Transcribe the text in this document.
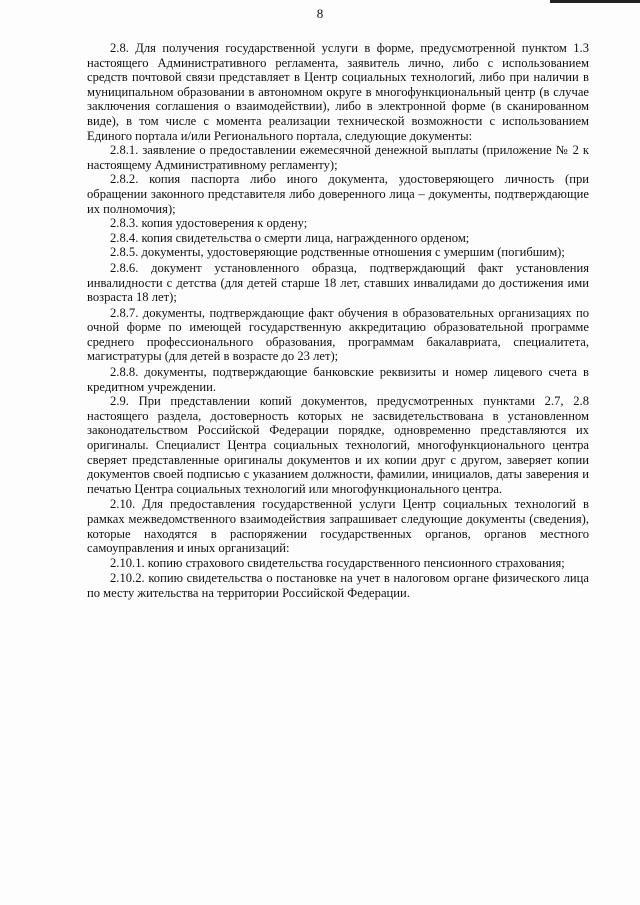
8

2.8. Для получения государственной услуги в форме, предусмотренной пунктом 1.3 настоящего Административного регламента, заявитель лично, либо с использованием средств почтовой связи представляет в Центр социальных технологий, либо при наличии в муниципальном образовании в автономном округе в многофункциональный центр (в случае заключения соглашения о взаимодействии), либо в электронной форме (в сканированном виде), в том числе с момента реализации технической возможности с использованием Единого портала и/или Регионального портала, следующие документы:

2.8.1. заявление о предоставлении ежемесячной денежной выплаты (приложение № 2 к настоящему Административному регламенту);

2.8.2. копия паспорта либо иного документа, удостоверяющего личность (при обращении законного представителя либо доверенного лица – документы, подтверждающие их полномочия);

2.8.3. копия удостоверения к ордену;

2.8.4. копия свидетельства о смерти лица, награжденного орденом;

2.8.5. документы, удостоверяющие родственные отношения с умершим (погибшим);

2.8.6. документ установленного образца, подтверждающий факт установления инвалидности с детства (для детей старше 18 лет, ставших инвалидами до достижения ими возраста 18 лет);

2.8.7. документы, подтверждающие факт обучения в образовательных организациях по очной форме по имеющей государственную аккредитацию образовательной программе среднего профессионального образования, программам бакалавриата, специалитета, магистратуры (для детей в возрасте до 23 лет);

2.8.8. документы, подтверждающие банковские реквизиты и номер лицевого счета в кредитном учреждении.

2.9. При представлении копий документов, предусмотренных пунктами 2.7, 2.8 настоящего раздела, достоверность которых не засвидетельствована в установленном законодательством Российской Федерации порядке, одновременно представляются их оригиналы. Специалист Центра социальных технологий, многофункционального центра сверяет представленные оригиналы документов и их копии друг с другом, заверяет копии документов своей подписью с указанием должности, фамилии, инициалов, даты заверения и печатью Центра социальных технологий или многофункционального центра.

2.10. Для предоставления государственной услуги Центр социальных технологий в рамках межведомственного взаимодействия запрашивает следующие документы (сведения), которые находятся в распоряжении государственных органов, органов местного самоуправления и иных организаций:

2.10.1. копию страхового свидетельства государственного пенсионного страхования;

2.10.2. копию свидетельства о постановке на учет в налоговом органе физического лица по месту жительства на территории Российской Федерации.
